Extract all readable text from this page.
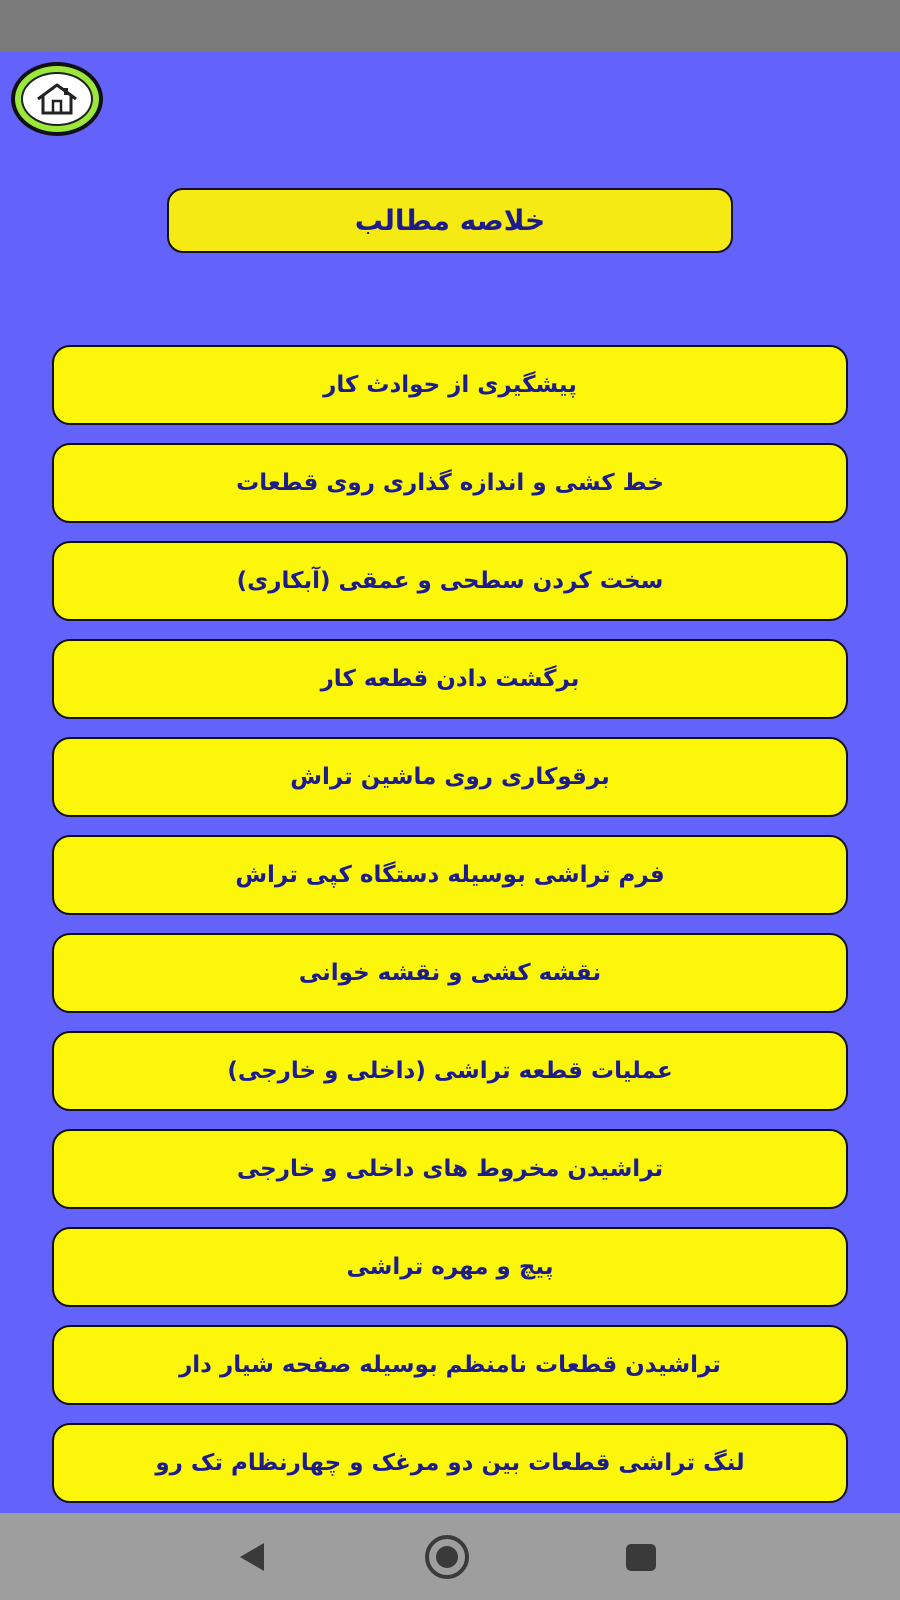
خلاصه مطالب
پیشگیری از حوادث کار
خط کشی و اندازه گذاری روی قطعات
سخت کردن سطحی و عمقی (آبکاری)
برگشت دادن قطعه کار
برقوکاری روی ماشین تراش
فرم تراشی بوسیله دستگاه کپی تراش
نقشه کشی و نقشه خوانی
عملیات قطعه تراشی (داخلی و خارجی)
تراشیدن مخروط های داخلی و خارجی
پیچ و مهره تراشی
تراشیدن قطعات نامنظم بوسیله صفحه شیار دار
لنگ تراشی قطعات بین دو مرغک و چهارنظام تک رو
